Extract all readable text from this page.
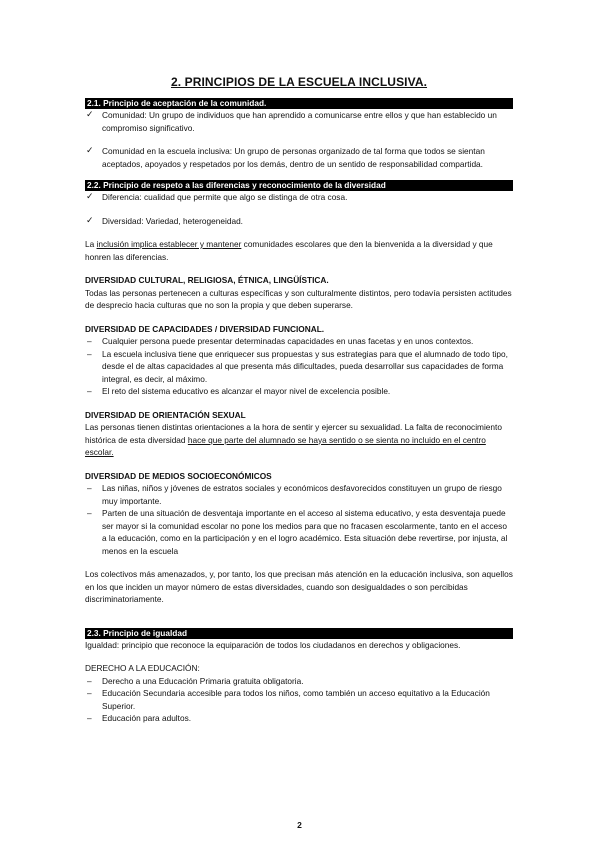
2. PRINCIPIOS DE LA ESCUELA INCLUSIVA.
2.1. Principio de aceptación de la comunidad.
✓ Comunidad: Un grupo de individuos que han aprendido a comunicarse entre ellos y que han establecido un compromiso significativo.
✓ Comunidad en la escuela inclusiva: Un grupo de personas organizado de tal forma que todos se sientan aceptados, apoyados y respetados por los demás, dentro de un sentido de responsabilidad compartida.
2.2. Principio de respeto a las diferencias y reconocimiento de la diversidad
✓ Diferencia: cualidad que permite que algo se distinga de otra cosa.
✓ Diversidad: Variedad, heterogeneidad.
La inclusión implica establecer y mantener comunidades escolares que den la bienvenida a la diversidad y que honren las diferencias.
DIVERSIDAD CULTURAL, RELIGIOSA, ÉTNICA, LINGÜÍSTICA.
Todas las personas pertenecen a culturas específicas y son culturalmente distintos, pero todavía persisten actitudes de desprecio hacia culturas que no son la propia y que deben superarse.
DIVERSIDAD DE CAPACIDADES / DIVERSIDAD FUNCIONAL.
– Cualquier persona puede presentar determinadas capacidades en unas facetas y en unos contextos.
– La escuela inclusiva tiene que enriquecer sus propuestas y sus estrategias para que el alumnado de todo tipo, desde el de altas capacidades al que presenta más dificultades, pueda desarrollar sus capacidades de forma integral, es decir, al máximo.
– El reto del sistema educativo es alcanzar el mayor nivel de excelencia posible.
DIVERSIDAD DE ORIENTACIÓN SEXUAL
Las personas tienen distintas orientaciones a la hora de sentir y ejercer su sexualidad. La falta de reconocimiento histórica de esta diversidad hace que parte del alumnado se haya sentido o se sienta no incluido en el centro escolar.
DIVERSIDAD DE MEDIOS SOCIOECONÓMICOS
– Las niñas, niños y jóvenes de estratos sociales y económicos desfavorecidos constituyen un grupo de riesgo muy importante.
– Parten de una situación de desventaja importante en el acceso al sistema educativo, y esta desventaja puede ser mayor si la comunidad escolar no pone los medios para que no fracasen escolarmente, tanto en el acceso a la educación, como en la participación y en el logro académico. Esta situación debe revertirse, por injusta, al menos en la escuela
Los colectivos más amenazados, y, por tanto, los que precisan más atención en la educación inclusiva, son aquellos en los que inciden un mayor número de estas diversidades, cuando son desigualdades o son percibidas discriminatoriamente.
2.3. Principio de igualdad
Igualdad: principio que reconoce la equiparación de todos los ciudadanos en derechos y obligaciones.
DERECHO A LA EDUCACIÓN:
– Derecho a una Educación Primaria gratuita obligatoria.
– Educación Secundaria accesible para todos los niños, como también un acceso equitativo a la Educación Superior.
– Educación para adultos.
2
